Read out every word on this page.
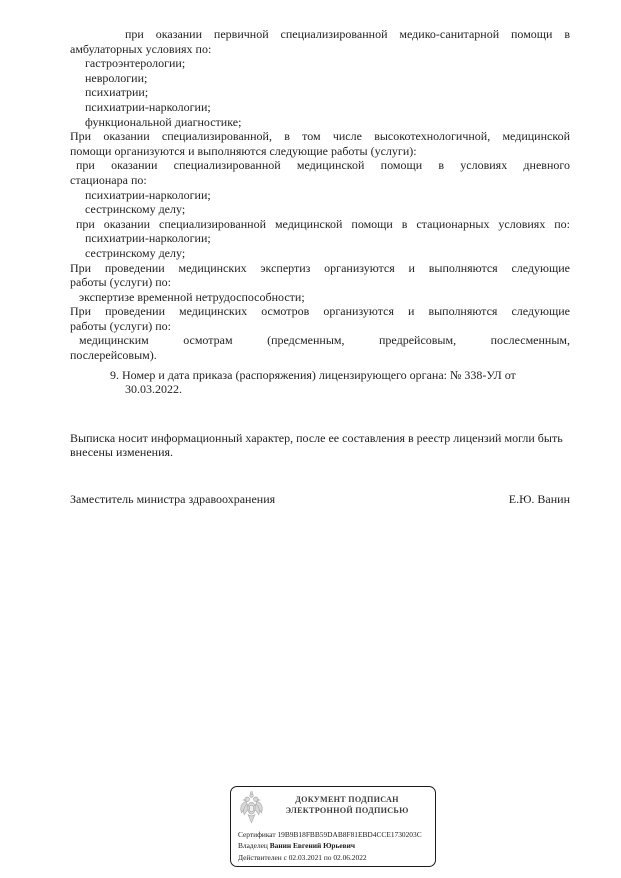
при оказании первичной специализированной медико-санитарной помощи в
амбулаторных условиях по:
гастроэнтерологии;
неврологии;
психиатрии;
психиатрии-наркологии;
функциональной диагностике;
При оказании специализированной, в том числе высокотехнологичной, медицинской
помощи организуются и выполняются следующие работы (услуги):
при оказании специализированной медицинской помощи в условиях дневного
стационара по:
психиатрии-наркологии;
сестринскому делу;
при оказании специализированной медицинской помощи в стационарных условиях по:
психиатрии-наркологии;
сестринскому делу;
При проведении медицинских экспертиз организуются и выполняются следующие
работы (услуги) по:
экспертизе временной нетрудоспособности;
При проведении медицинских осмотров организуются и выполняются следующие
работы (услуги) по:
медицинским осмотрам (предсменным, предрейсовым, послесменным,
послерейсовым).
9. Номер и дата приказа (распоряжения) лицензирующего органа: № 338-УЛ от
30.03.2022.
Выписка носит информационный характер, после ее составления в реестр лицензий могли быть
внесены изменения.
Заместитель министра здравоохранения	Е.Ю. Ванин
ДОКУМЕНТ ПОДПИСАН
ЭЛЕКТРОННОЙ ПОДПИСЬЮ
Сертификат 19B9B18FBB59DAB8F81EBD4CCE1730203C
Владелец Ванин Евгений Юрьевич
Действителен с 02.03.2021 по 02.06.2022
